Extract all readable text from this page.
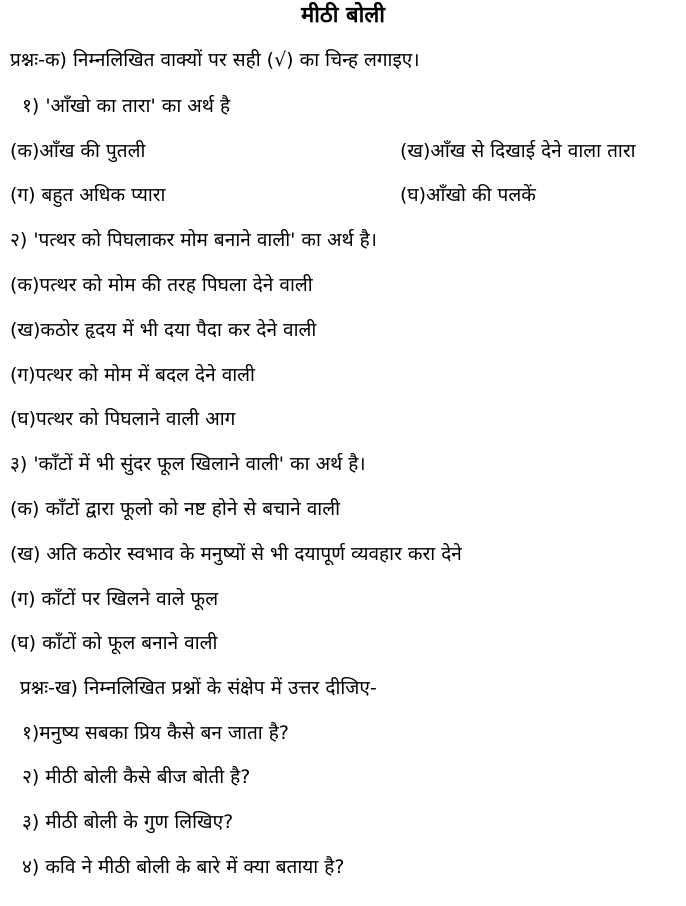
मीठी बोली
प्रश्नः-क) निम्नलिखित वाक्यों पर सही (√) का चिन्ह लगाइए।
१) 'आँखो का तारा' का अर्थ है
(क)आँख की पुतली	(ख)आँख से दिखाई देने वाला तारा
(ग) बहुत अधिक प्यारा	(घ)आँखो की पलकें
२) 'पत्थर को पिघलाकर मोम बनाने वाली' का अर्थ है।
(क)पत्थर को मोम की तरह पिघला देने वाली
(ख)कठोर हृदय में भी दया पैदा कर देने वाली
(ग)पत्थर को मोम में बदल देने वाली
(घ)पत्थर को पिघलाने वाली आग
३) 'काँटों में भी सुंदर फूल खिलाने वाली' का अर्थ है।
(क) काँटों द्वारा फूलो को नष्ट होने से बचाने वाली
(ख) अति कठोर स्वभाव के मनुष्यों से भी दयापूर्ण व्यवहार करा देने
(ग) काँटों पर खिलने वाले फूल
(घ) काँटों को फूल बनाने वाली
प्रश्नः-ख) निम्नलिखित प्रश्नों के संक्षेप में उत्तर दीजिए-
१)मनुष्य सबका प्रिय कैसे बन जाता है?
२) मीठी बोली कैसे बीज बोती है?
३) मीठी बोली के गुण लिखिए?
४) कवि ने मीठी बोली के बारे में क्या बताया है?
